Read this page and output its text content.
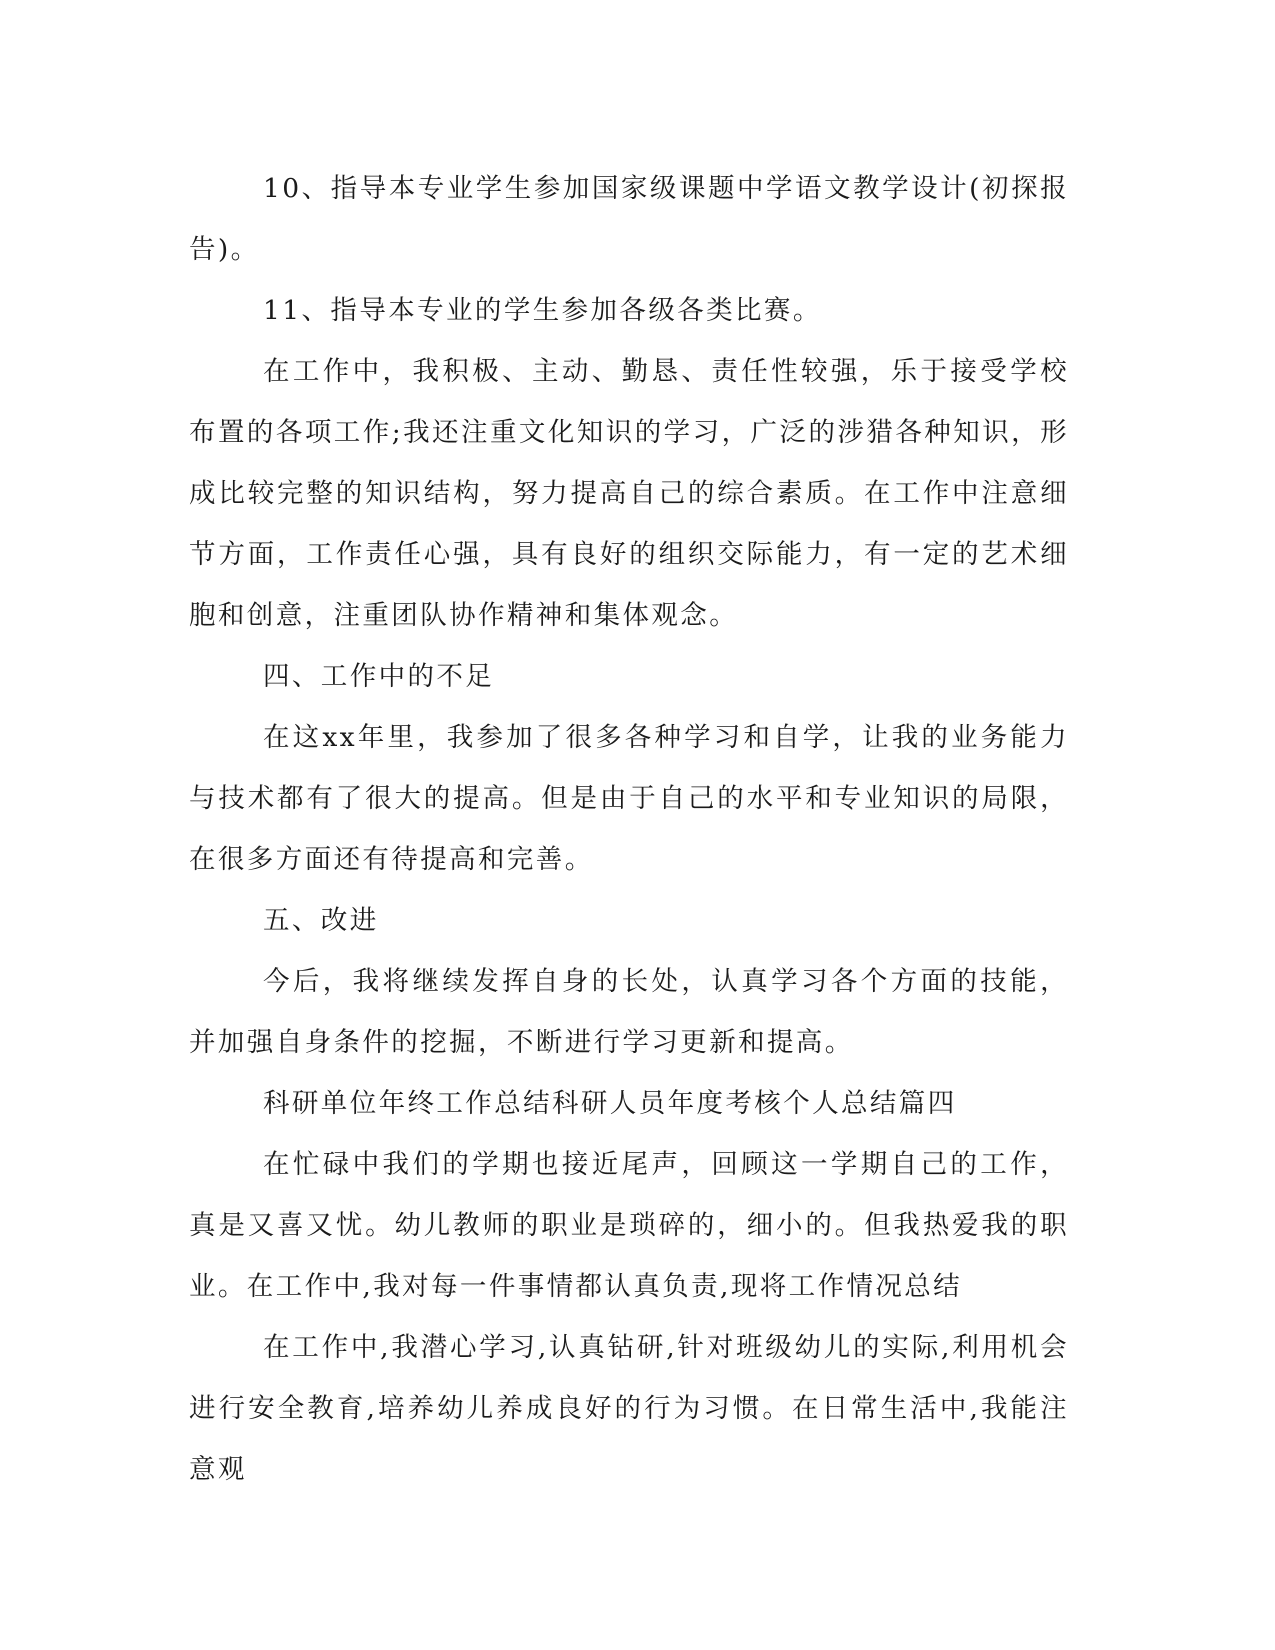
10、指导本专业学生参加国家级课题中学语文教学设计(初探报告)。

11、指导本专业的学生参加各级各类比赛。

在工作中，我积极、主动、勤恳、责任性较强，乐于接受学校布置的各项工作;我还注重文化知识的学习，广泛的涉猎各种知识，形成比较完整的知识结构，努力提高自己的综合素质。在工作中注意细节方面，工作责任心强，具有良好的组织交际能力，有一定的艺术细胞和创意，注重团队协作精神和集体观念。

四、工作中的不足

在这xx年里，我参加了很多各种学习和自学，让我的业务能力与技术都有了很大的提高。但是由于自己的水平和专业知识的局限，在很多方面还有待提高和完善。

五、改进

今后，我将继续发挥自身的长处，认真学习各个方面的技能，并加强自身条件的挖掘，不断进行学习更新和提高。

科研单位年终工作总结科研人员年度考核个人总结篇四

在忙碌中我们的学期也接近尾声，回顾这一学期自己的工作，真是又喜又忧。幼儿教师的职业是琐碎的，细小的。但我热爱我的职业。在工作中,我对每一件事情都认真负责,现将工作情况总结

在工作中,我潜心学习,认真钻研,针对班级幼儿的实际,利用机会进行安全教育,培养幼儿养成良好的行为习惯。在日常生活中,我能注意观
